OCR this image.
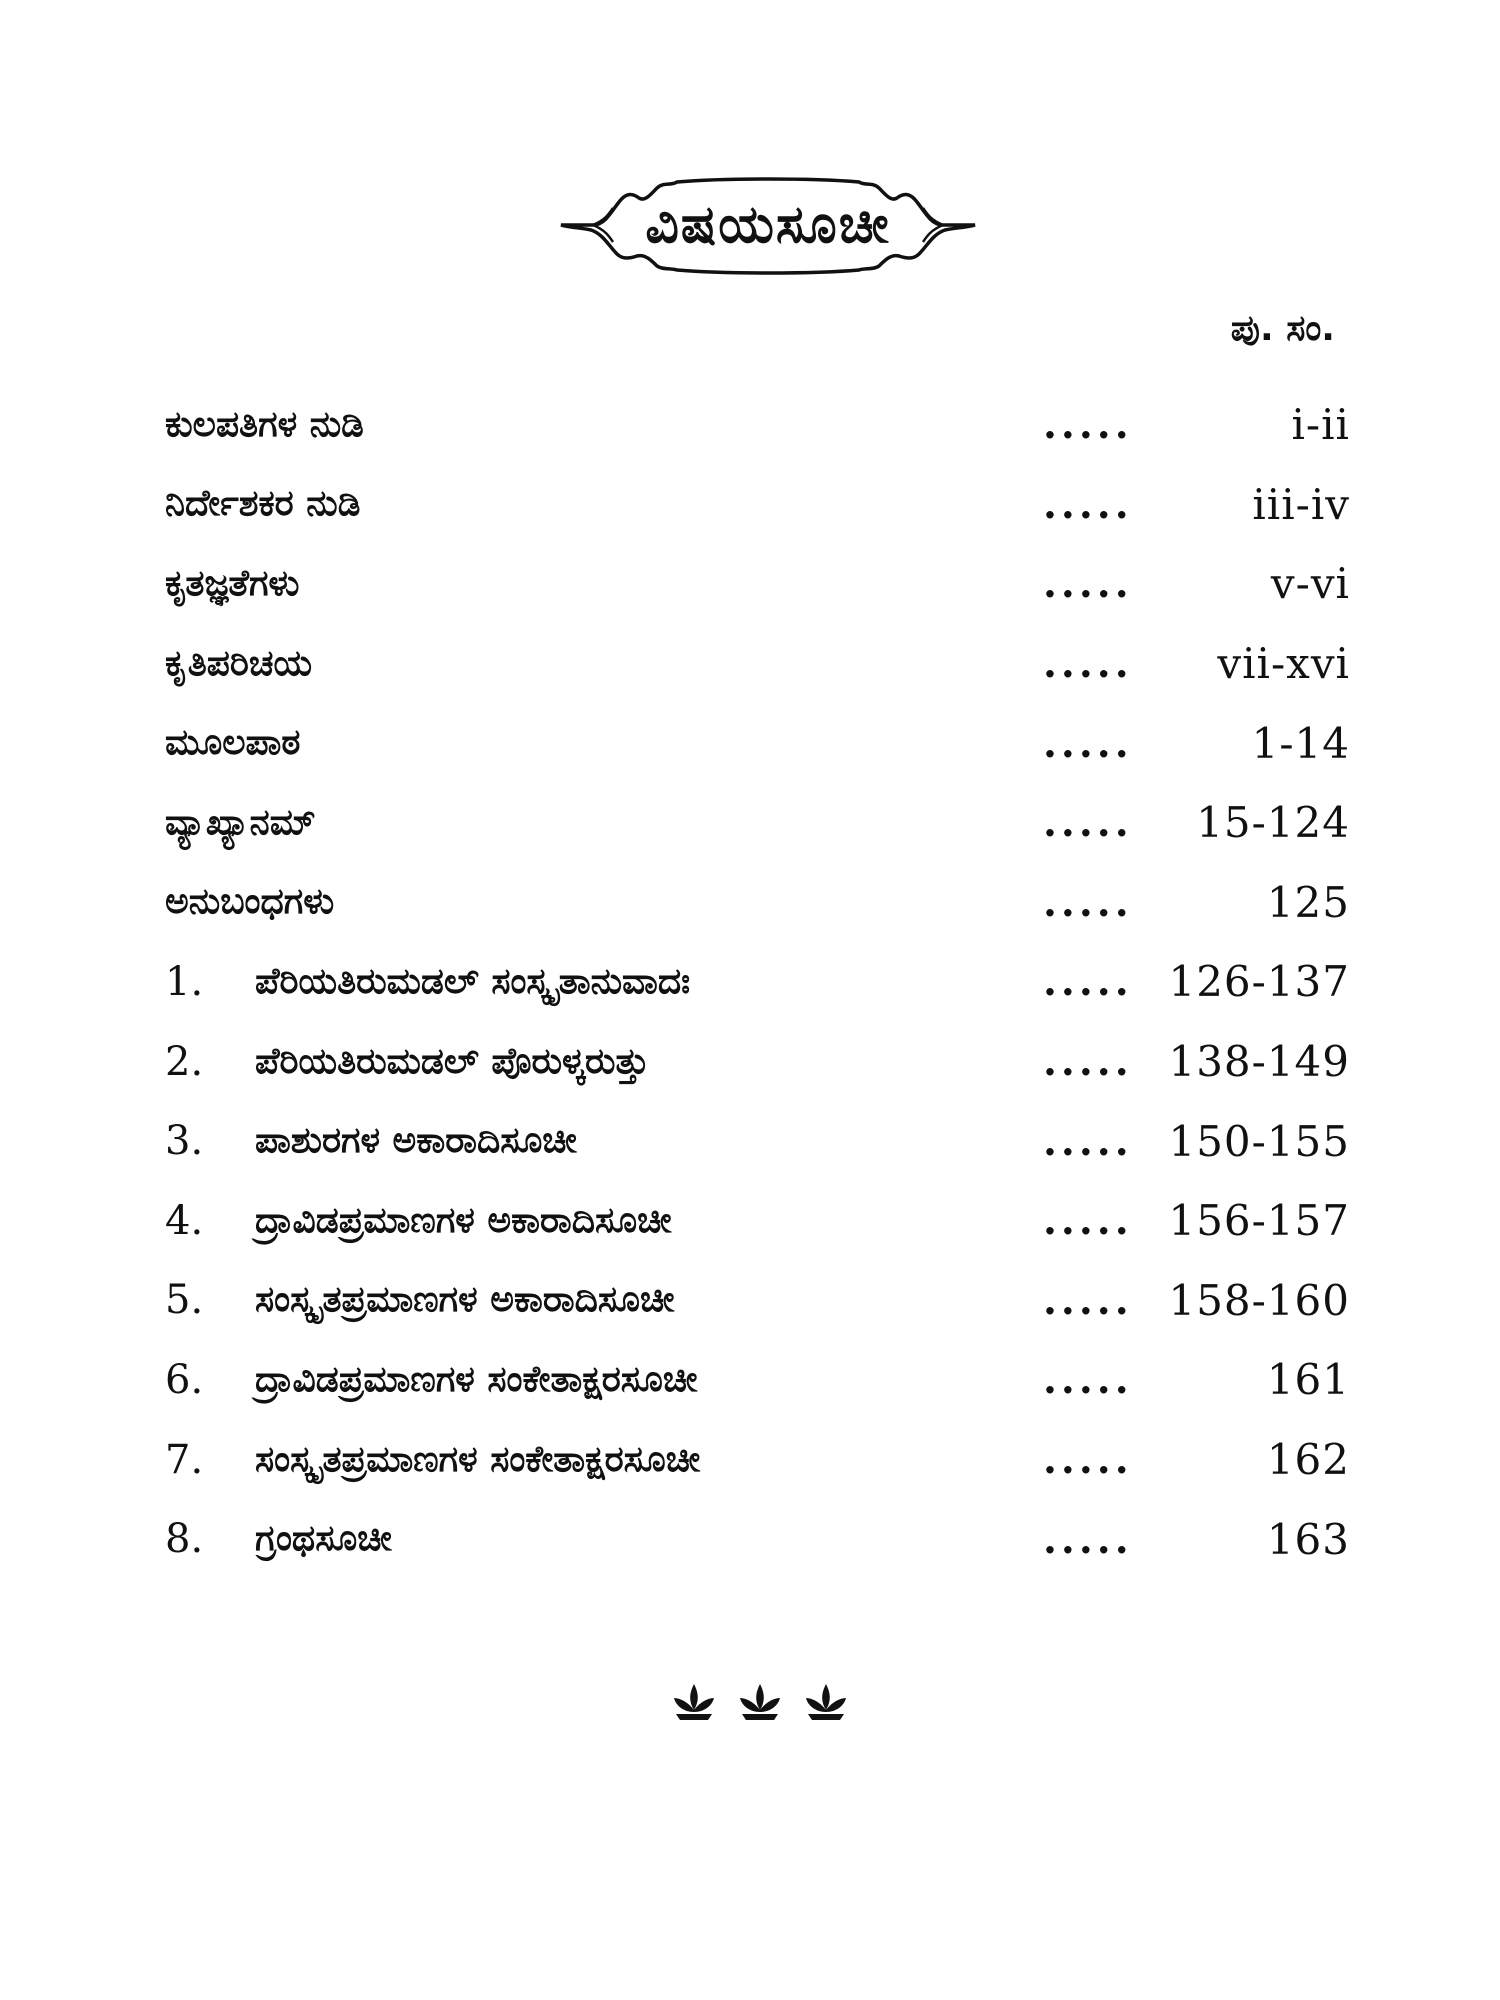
ವಿಷಯಸೂಚೀ
ಪು. ಸಂ.
ಕುಲಪತಿಗಳ ನುಡಿ	.....	i-ii
ನಿರ್ದೇಶಕರ ನುಡಿ	.....	iii-iv
ಕೃತಜ್ಞತೆಗಳು	.....	v-vi
ಕೃತಿಪರಿಚಯ	..... vii-xvi
ಮೂಲಪಾಠ	.....	1-14
ವ್ಯಾಖ್ಯಾನಮ್	..... 15-124
ಅನುಬಂಧಗಳು	.....	125
1.	ಪೆರಿಯತಿರುಮಡಲ್ ಸಂಸ್ಕೃತಾನುವಾದಃ	..... 126-137
2.	ಪೆರಿಯತಿರುಮಡಲ್ ಪೊರುಳ್ಕರುತ್ತು	..... 138-149
3.	ಪಾಶುರಗಳ ಅಕಾರಾದಿಸೂಚೀ	..... 150-155
4.	ದ್ರಾವಿಡಪ್ರಮಾಣಗಳ ಅಕಾರಾದಿಸೂಚೀ	..... 156-157
5.	ಸಂಸ್ಕೃತಪ್ರಮಾಣಗಳ ಅಕಾರಾದಿಸೂಚೀ	..... 158-160
6.	ದ್ರಾವಿಡಪ್ರಮಾಣಗಳ ಸಂಕೇತಾಕ್ಷರಸೂಚೀ	.....	161
7.	ಸಂಸ್ಕೃತಪ್ರಮಾಣಗಳ ಸಂಕೇತಾಕ್ಷರಸೂಚೀ	.....	162
8.	ಗ್ರಂಥಸೂಚೀ	.....	163
